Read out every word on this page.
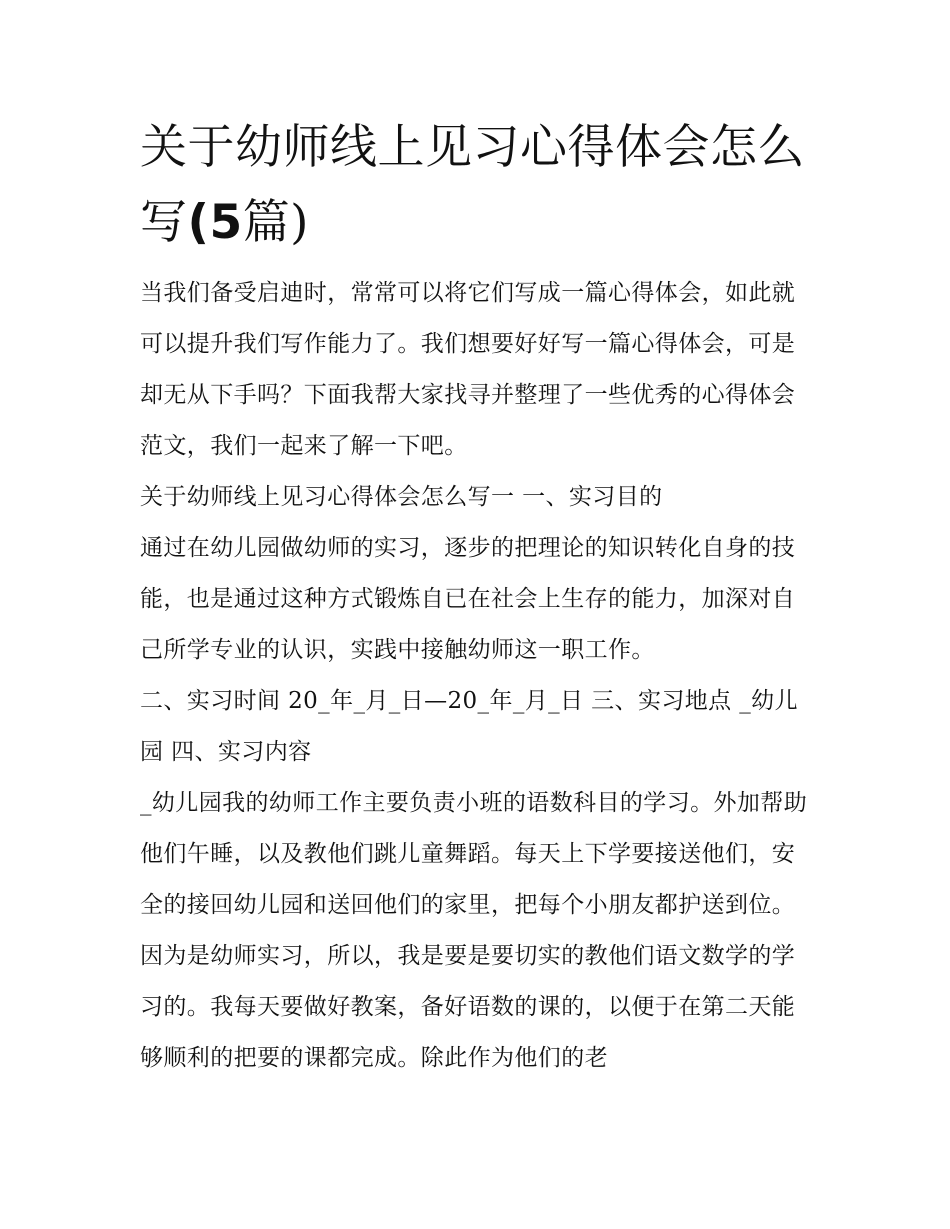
关于幼师线上见习心得体会怎么写(5篇)

当我们备受启迪时，常常可以将它们写成一篇心得体会，如此就可以提升我们写作能力了。我们想要好好写一篇心得体会，可是却无从下手吗？下面我帮大家找寻并整理了一些优秀的心得体会范文，我们一起来了解一下吧。

关于幼师线上见习心得体会怎么写一 一、实习目的

通过在幼儿园做幼师的实习，逐步的把理论的知识转化自身的技能，也是通过这种方式锻炼自已在社会上生存的能力，加深对自己所学专业的认识，实践中接触幼师这一职工作。

二、实习时间 20_年_月_日—20_年_月_日 三、实习地点 _幼儿园 四、实习内容

_幼儿园我的幼师工作主要负责小班的语数科目的学习。外加帮助他们午睡，以及教他们跳儿童舞蹈。每天上下学要接送他们，安全的接回幼儿园和送回他们的家里，把每个小朋友都护送到位。因为是幼师实习，所以，我是要是要切实的教他们语文数学的学习的。我每天要做好教案，备好语数的课的，以便于在第二天能够顺利的把要的课都完成。除此作为他们的老
